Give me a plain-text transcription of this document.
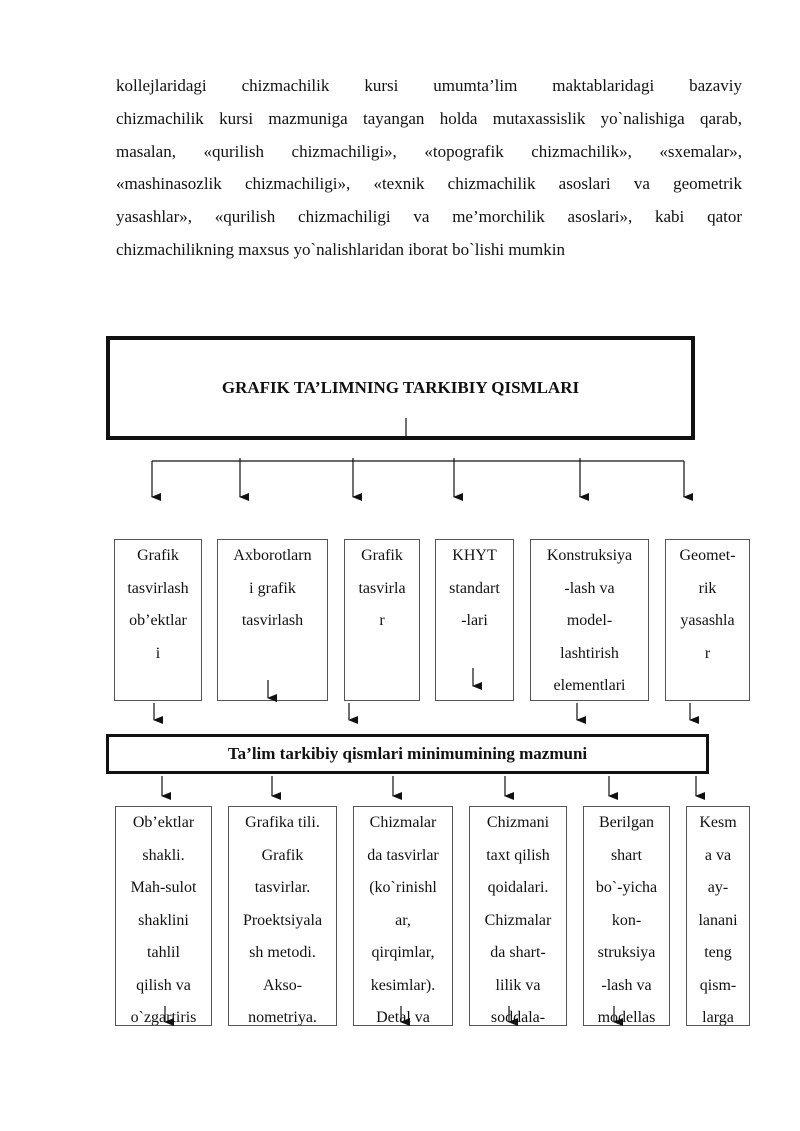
kollejlaridagi chizmachilik kursi umumta’lim maktablaridagi bazaviy
chizmachilik kursi mazmuniga tayangan holda mutaxassislik yo`nalishiga qarab,
masalan, «qurilish chizmachiligi», «topografik chizmachilik», «sxemalar»,
«mashinasozlik chizmachiligi», «texnik chizmachilik asoslari va geometrik
yasashlar», «qurilish chizmachiligi va me’morchilik asoslari», kabi qator
chizmachilikning maxsus yo`nalishlaridan iborat bo`lishi mumkin
GRAFIK TA’LIMNING TARKIBIY QISMLARI
Grafik
tasvirlash
ob’ektlar
i
Axborotlarn
i grafik
tasvirlash
Grafik
tasvirla
r
KHYT
standart
-lari
Konstruksiya
-lash va
model-
lashtirish
elementlari
Geomet-
rik
yasashla
r
Ta’lim tarkibiy qismlari minimumining mazmuni
Ob’ektlar
shakli.
Mah-sulot
shaklini
tahlil
qilish va
o`zgartiris
Grafika tili.
Grafik
tasvirlar.
Proektsiyala
sh metodi.
Akso-
nometriya.
Chizmalar
da tasvirlar
(ko`rinishl
ar,
qirqimlar,
kesimlar).
Detal va
Chizmani
taxt qilish
qoidalari.
Chizmalar
da shart-
lilik va
soddala-
Berilgan
shart
bo`-yicha
kon-
struksiya
-lash va
modellas
Kesm
a va
ay-
lanani
teng
qism-
larga
